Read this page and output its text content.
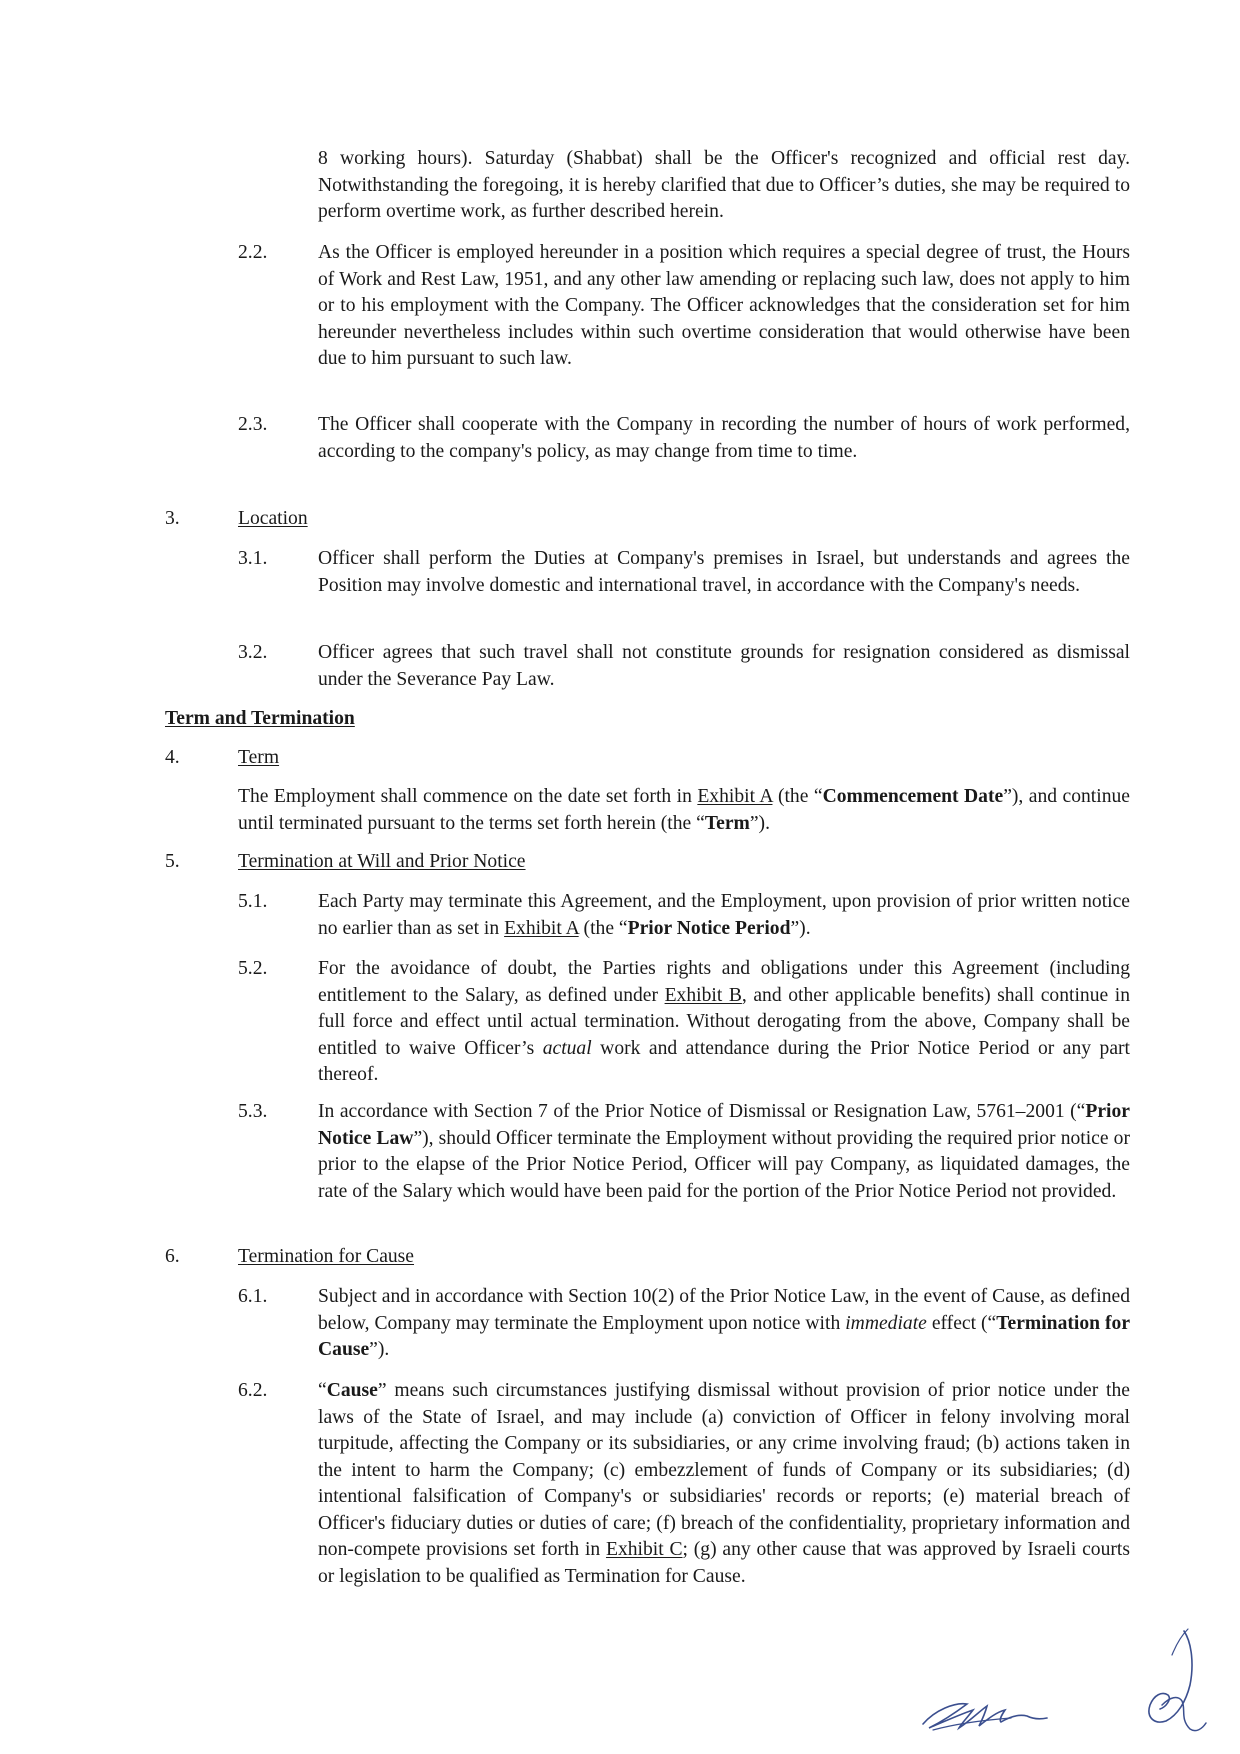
8 working hours). Saturday (Shabbat) shall be the Officer's recognized and official rest day. Notwithstanding the foregoing, it is hereby clarified that due to Officer’s duties, she may be required to perform overtime work, as further described herein.
2.2.	As the Officer is employed hereunder in a position which requires a special degree of trust, the Hours of Work and Rest Law, 1951, and any other law amending or replacing such law, does not apply to him or to his employment with the Company. The Officer acknowledges that the consideration set for him hereunder nevertheless includes within such overtime consideration that would otherwise have been due to him pursuant to such law.
2.3.	The Officer shall cooperate with the Company in recording the number of hours of work performed, according to the company's policy, as may change from time to time.
3.	Location
3.1.	Officer shall perform the Duties at Company's premises in Israel, but understands and agrees the Position may involve domestic and international travel, in accordance with the Company's needs.
3.2.	Officer agrees that such travel shall not constitute grounds for resignation considered as dismissal under the Severance Pay Law.
Term and Termination
4.	Term
The Employment shall commence on the date set forth in Exhibit A (the “Commencement Date”), and continue until terminated pursuant to the terms set forth herein (the “Term”).
5.	Termination at Will and Prior Notice
5.1.	Each Party may terminate this Agreement, and the Employment, upon provision of prior written notice no earlier than as set in Exhibit A (the “Prior Notice Period”).
5.2.	For the avoidance of doubt, the Parties rights and obligations under this Agreement (including entitlement to the Salary, as defined under Exhibit B, and other applicable benefits) shall continue in full force and effect until actual termination. Without derogating from the above, Company shall be entitled to waive Officer’s actual work and attendance during the Prior Notice Period or any part thereof.
5.3.	In accordance with Section 7 of the Prior Notice of Dismissal or Resignation Law, 5761–2001 (“Prior Notice Law”), should Officer terminate the Employment without providing the required prior notice or prior to the elapse of the Prior Notice Period, Officer will pay Company, as liquidated damages, the rate of the Salary which would have been paid for the portion of the Prior Notice Period not provided.
6.	Termination for Cause
6.1.	Subject and in accordance with Section 10(2) of the Prior Notice Law, in the event of Cause, as defined below, Company may terminate the Employment upon notice with immediate effect (“Termination for Cause”).
6.2.	“Cause” means such circumstances justifying dismissal without provision of prior notice under the laws of the State of Israel, and may include (a) conviction of Officer in felony involving moral turpitude, affecting the Company or its subsidiaries, or any crime involving fraud; (b) actions taken in the intent to harm the Company; (c) embezzlement of funds of Company or its subsidiaries; (d) intentional falsification of Company's or subsidiaries' records or reports; (e) material breach of Officer's fiduciary duties or duties of care; (f) breach of the confidentiality, proprietary information and non-compete provisions set forth in Exhibit C; (g) any other cause that was approved by Israeli courts or legislation to be qualified as Termination for Cause.
